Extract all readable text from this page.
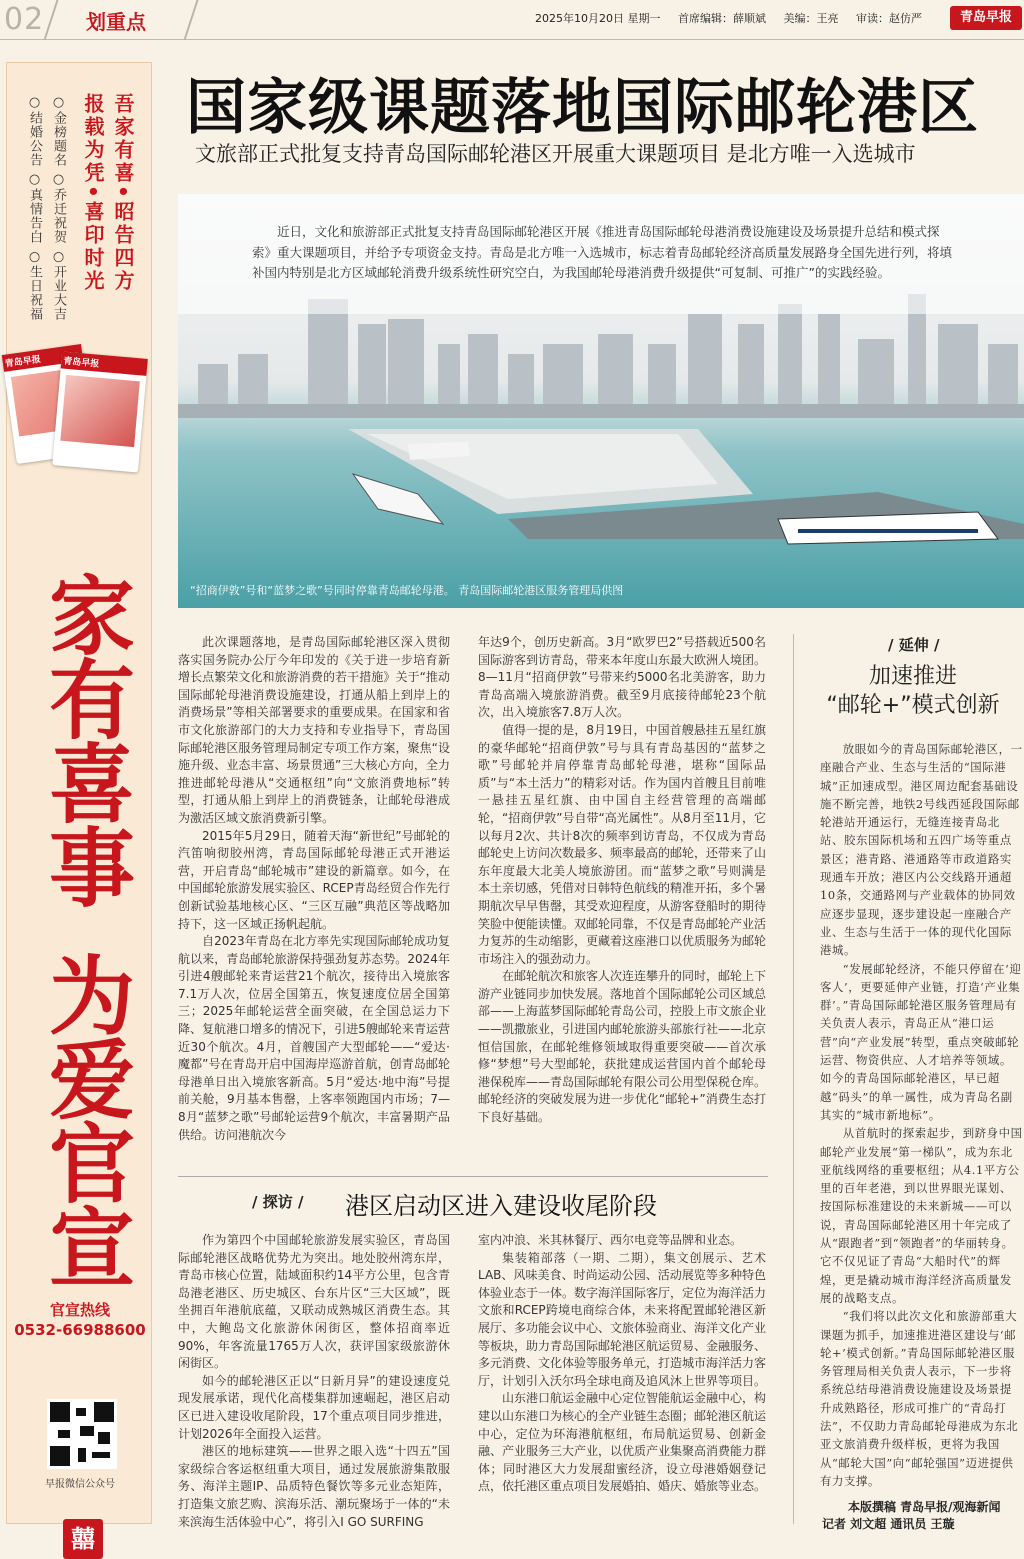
02 划重点	2025年10月20日 星期一 首席编辑：薛顺斌 美编：王亮 审读：赵仿严	青岛早报
吾家有喜•昭告四方
报载为凭•喜印时光
○金榜题名 ○乔迁祝贺 ○开业大吉
○结婚公告 ○真情告白 ○生日祝福
青岛早报	青岛早报
家有喜事
为爱官宣
官宣热线
0532-66988600
早报微信公众号
囍
国家级课题落地国际邮轮港区
文旅部正式批复支持青岛国际邮轮港区开展重大课题项目 是北方唯一入选城市
近日，文化和旅游部正式批复支持青岛国际邮轮港区开展《推进青岛国际邮轮母港消费设施建设及场景提升总结和模式探索》重大课题项目，并给予专项资金支持。青岛是北方唯一入选城市，标志着青岛邮轮经济高质量发展路身全国先进行列，将填补国内特别是北方区域邮轮消费升级系统性研究空白，为我国邮轮母港消费升级提供“可复制、可推广”的实践经验。
“招商伊敦”号和“蓝梦之歌”号同时停靠青岛邮轮母港。 青岛国际邮轮港区服务管理局供图

此次课题落地，是青岛国际邮轮港区深入贯彻落实国务院办公厅今年印发的《关于进一步培育新增长点繁荣文化和旅游消费的若干措施》关于“推动国际邮轮母港消费设施建设，打通从船上到岸上的消费场景”等相关部署要求的重要成果。在国家和省市文化旅游部门的大力支持和专业指导下，青岛国际邮轮港区服务管理局制定专项工作方案，聚焦“设施升级、业态丰富、场景贯通”三大核心方向，全力推进邮轮母港从“交通枢纽”向“文旅消费地标”转型，打通从船上到岸上的消费链条，让邮轮母港成为激活区域文旅消费新引擎。

2015年5月29日，随着天海“新世纪”号邮轮的汽笛响彻胶州湾，青岛国际邮轮母港正式开港运营，开启青岛“邮轮城市”建设的新篇章。如今，在中国邮轮旅游发展实验区、RCEP青岛经贸合作先行创新试验基地核心区、“三区互融”典范区等战略加持下，这一区域正扬帆起航。

自2023年青岛在北方率先实现国际邮轮成功复航以来，青岛邮轮旅游保持强劲复苏态势。2024年引进4艘邮轮来青运营21个航次，接待出入境旅客7.1万人次，位居全国第五，恢复速度位居全国第三；2025年邮轮运营全面突破，在全国总运力下降、复航港口增多的情况下，引进5艘邮轮来青运营近30个航次。4月，首艘国产大型邮轮——“爱达·魔都”号在青岛开启中国海岸巡游首航，创青岛邮轮母港单日出入境旅客新高。5月“爱达·地中海”号提前关舱，9月基本售罄，上客率领跑国内市场；7—8月“蓝梦之歌”号邮轮运营9个航次，丰富暑期产品供给。访问港航次今

年达9个，创历史新高。3月“欧罗巴2”号搭载近500名国际游客到访青岛，带来本年度山东最大欧洲人境团。8—11月“招商伊敦”号带来约5000名北美游客，助力青岛高端入境旅游消费。截至9月底接待邮轮23个航次，出入境旅客7.8万人次。

值得一提的是，8月19日，中国首艘悬挂五星红旗的豪华邮轮“招商伊敦”号与具有青岛基因的“蓝梦之歌”号邮轮并肩停靠青岛邮轮母港，堪称“国际品质”与“本土活力”的精彩对话。作为国内首艘且目前唯一悬挂五星红旗、由中国自主经营管理的高端邮轮，“招商伊敦”号自带“高光属性”。从8月至11月，它以每月2次、共计8次的频率到访青岛，不仅成为青岛邮轮史上访问次数最多、频率最高的邮轮，还带来了山东年度最大北美人境旅游团。而“蓝梦之歌”号则满是本土亲切感，凭借对日韩特色航线的精准开拓，多个暑期航次早早售罄，其受欢迎程度，从游客登船时的期待笑脸中便能读懂。双邮轮同靠，不仅是青岛邮轮产业活力复苏的生动缩影，更藏着这座港口以优质服务为邮轮市场注入的强劲动力。

在邮轮航次和旅客人次连连攀升的同时，邮轮上下游产业链同步加快发展。落地首个国际邮轮公司区域总部——上海蓝梦国际邮轮青岛公司，控股上市文旅企业——凯撒旅业，引进国内邮轮旅游头部旅行社——北京恒信国旅，在邮轮维修领域取得重要突破——首次承修“梦想”号大型邮轮，获批建成运营国内首个邮轮母港保税库——青岛国际邮轮有限公司公用型保税仓库。邮轮经济的突破发展为进一步优化“邮轮+”消费生态打下良好基础。

/ 探访 / 港区启动区进入建设收尾阶段

作为第四个中国邮轮旅游发展实验区，青岛国际邮轮港区战略优势尤为突出。地处胶州湾东岸，青岛市核心位置，陆域面积约14平方公里，包含青岛港老港区、历史城区、台东片区“三大区域”，既坐拥百年港航底蕴，又联动成熟城区消费生态。其中，大鲍岛文化旅游休闲街区，整体招商率近90%，年客流量1765万人次，获评国家级旅游休闲街区。

如今的邮轮港区正以“日新月异”的建设速度兑现发展承诺，现代化高楼集群加速崛起，港区启动区已进入建设收尾阶段，17个重点项目同步推进，计划2026年全面投入运营。

港区的地标建筑——世界之眼入选“十四五”国家级综合客运枢纽重大项目，通过发展旅游集散服务、海洋主题IP、品质特色餐饮等多元业态矩阵，打造集文旅艺购、滨海乐活、潮玩聚场于一体的“未来滨海生活体验中心”，将引入I GO SURFING

室内冲浪、米其林餐厅、西尔电竞等品牌和业态。

集装箱部落（一期、二期），集文创展示、艺术LAB、风味美食、时尚运动公园、活动展览等多种特色体验业态于一体。数字海洋国际客厅，定位为海洋活力文旅和RCEP跨境电商综合体，未来将配置邮轮港区新展厅、多功能会议中心、文旅体验商业、海洋文化产业等板块，助力青岛国际邮轮港区航运贸易、金融服务、多元消费、文化体验等服务单元，打造城市海洋活力客厅，计划引入沃尔玛全球电商及追风沐上世界等项目。

山东港口航运金融中心定位智能航运金融中心，构建以山东港口为核心的全产业链生态圈；邮轮港区航运中心，定位为环海港航枢纽，布局航运贸易、创新金融、产业服务三大产业，以优质产业集聚高消费能力群体；同时港区大力发展甜蜜经济，设立母港婚姻登记点，依托港区重点项目发展婚拍、婚庆、婚旅等业态。

/ 延伸 /
加速推进
“邮轮+”模式创新

放眼如今的青岛国际邮轮港区，一座融合产业、生态与生活的“国际港城”正加速成型。港区周边配套基础设施不断完善，地铁2号线西延段国际邮轮港站开通运行，无缝连接青岛北站、胶东国际机场和五四广场等重点景区；港青路、港通路等市政道路实现通车开放；港区内公交线路开通超10条，交通路网与产业载体的协同效应逐步显现，逐步建设起一座融合产业、生态与生活于一体的现代化国际港城。

“发展邮轮经济，不能只停留在‘迎客人’，更要延伸产业链，打造‘产业集群’。”青岛国际邮轮港区服务管理局有关负责人表示，青岛正从“港口运营”向“产业发展”转型，重点突破邮轮运营、物资供应、人才培养等领域。如今的青岛国际邮轮港区，早已超越“码头”的单一属性，成为青岛名副其实的“城市新地标”。

从首航时的探索起步，到跻身中国邮轮产业发展“第一梯队”，成为东北亚航线网络的重要枢纽；从4.1平方公里的百年老港，到以世界眼光谋划、按国际标准建设的未来新城——可以说，青岛国际邮轮港区用十年完成了从“跟跑者”到“领跑者”的华丽转身。它不仅见证了青岛“大船时代”的辉煌，更是撬动城市海洋经济高质量发展的战略支点。

“我们将以此次文化和旅游部重大课题为抓手，加速推进港区建设与‘邮轮+’模式创新。”青岛国际邮轮港区服务管理局相关负责人表示，下一步将系统总结母港消费设施建设及场景提升成熟路径，形成可推广的“青岛打法”，不仅助力青岛邮轮母港成为东北亚文旅消费升级样板，更将为我国从“邮轮大国”向“邮轮强国”迈进提供有力支撑。

本版撰稿 青岛早报/观海新闻
记者 刘文超 通讯员 王璇
